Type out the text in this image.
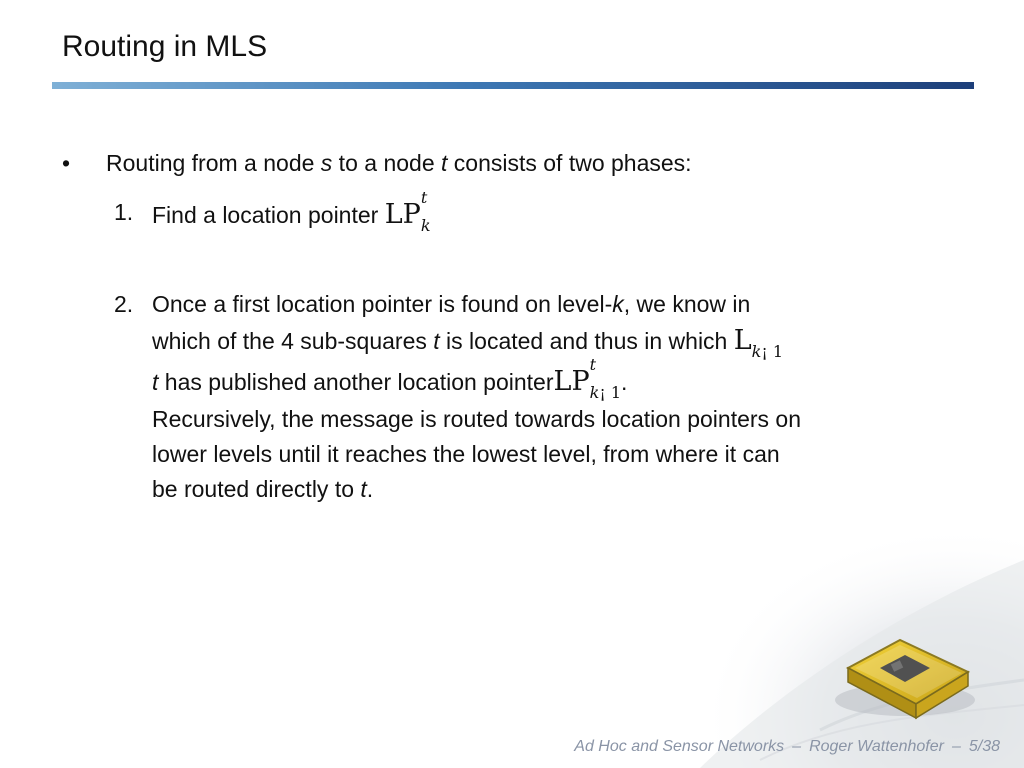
Routing in MLS
• Routing from a node s to a node t consists of two phases:
1. Find a location pointer LP
t
$_k$
2. Once a first location pointer is found on level-k, we know in
which of the 4 sub-squares t is located and thus in which $L_{k¡ 1}$
t has published another location pointerLP
t
$_{k¡ 1}$.
Recursively, the message is routed towards location pointers on
lower levels until it reaches the lowest level, from where it can
be routed directly to t.
Ad Hoc and Sensor Networks – Roger Wattenhofer – 5/38
